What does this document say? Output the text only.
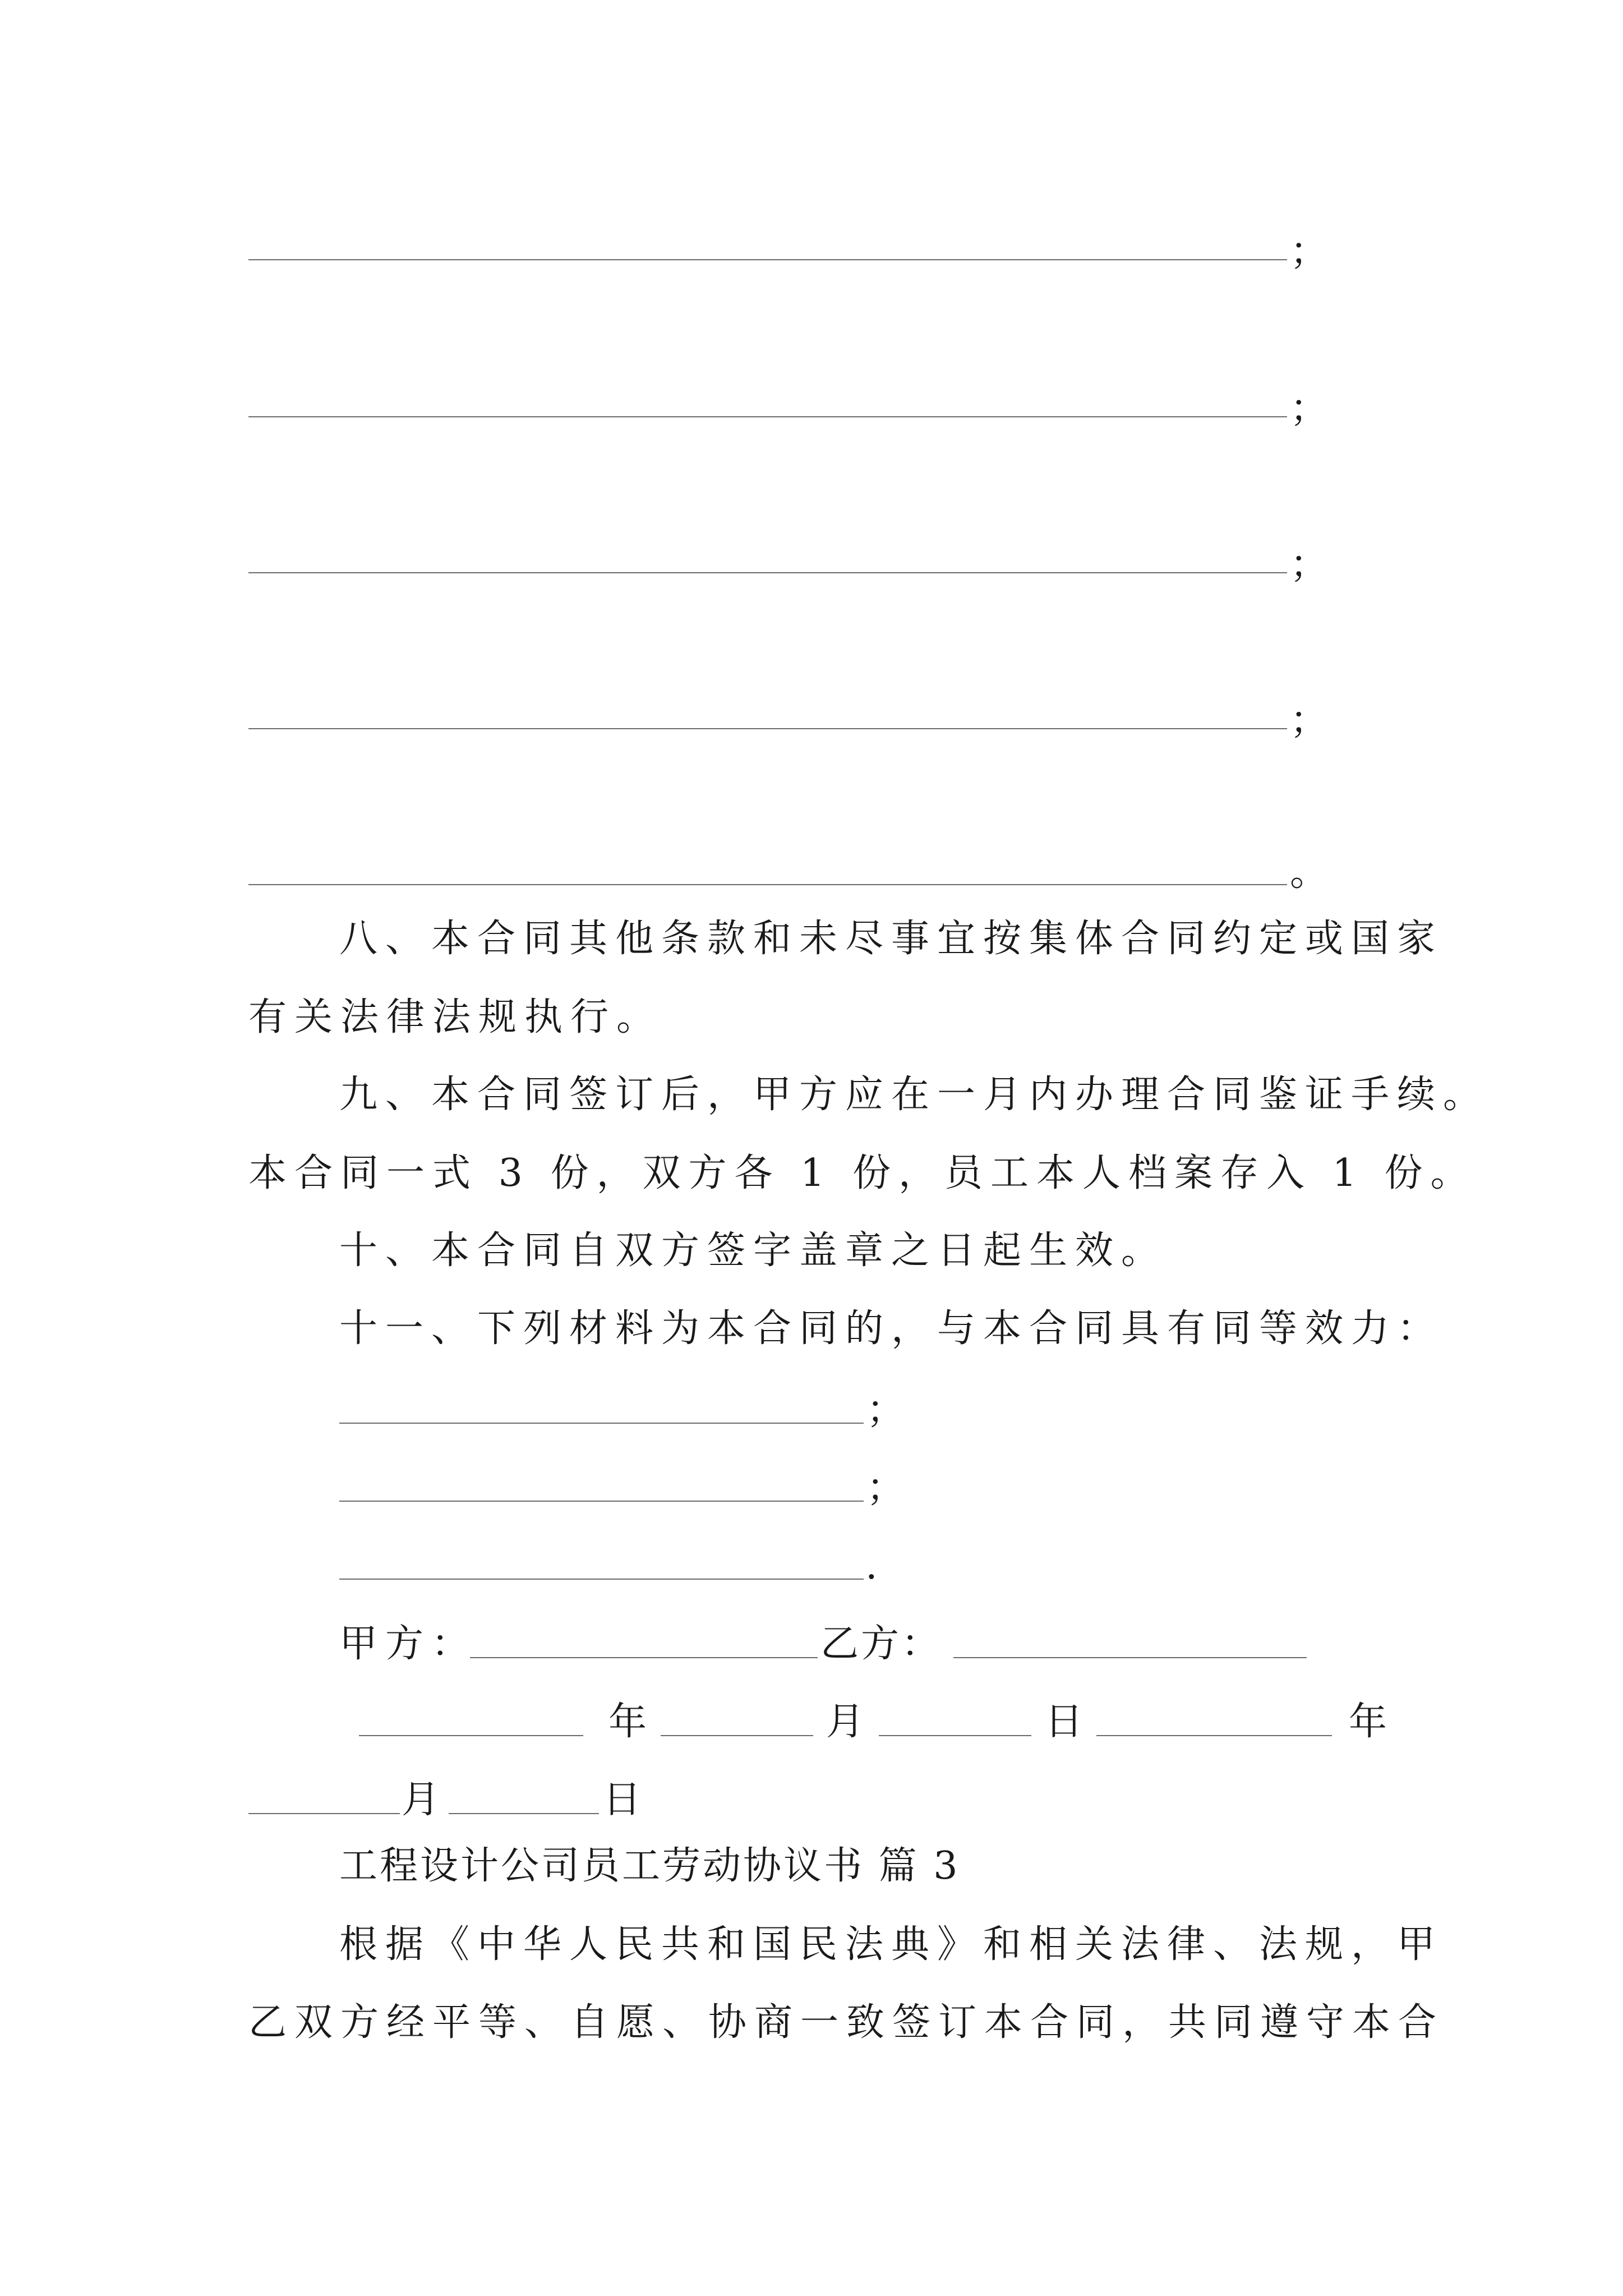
；
；
；
；
。
八、本合同其他条款和未尽事宜按集体合同约定或国家
有关法律法规执行。
九、本合同签订后，甲方应在一月内办理合同鉴证手续。
本合同一式 3 份，双方各 1 份，员工本人档案存入 1 份。
十、本合同自双方签字盖章之日起生效。
十一、下列材料为本合同的，与本合同具有同等效力：
；
；
.
甲方：	乙方：
年	月	日	年
月	日
工程设计公司员工劳动协议书 篇 3
根据《中华人民共和国民法典》和相关法律、法规，甲
乙双方经平等、自愿、协商一致签订本合同，共同遵守本合
